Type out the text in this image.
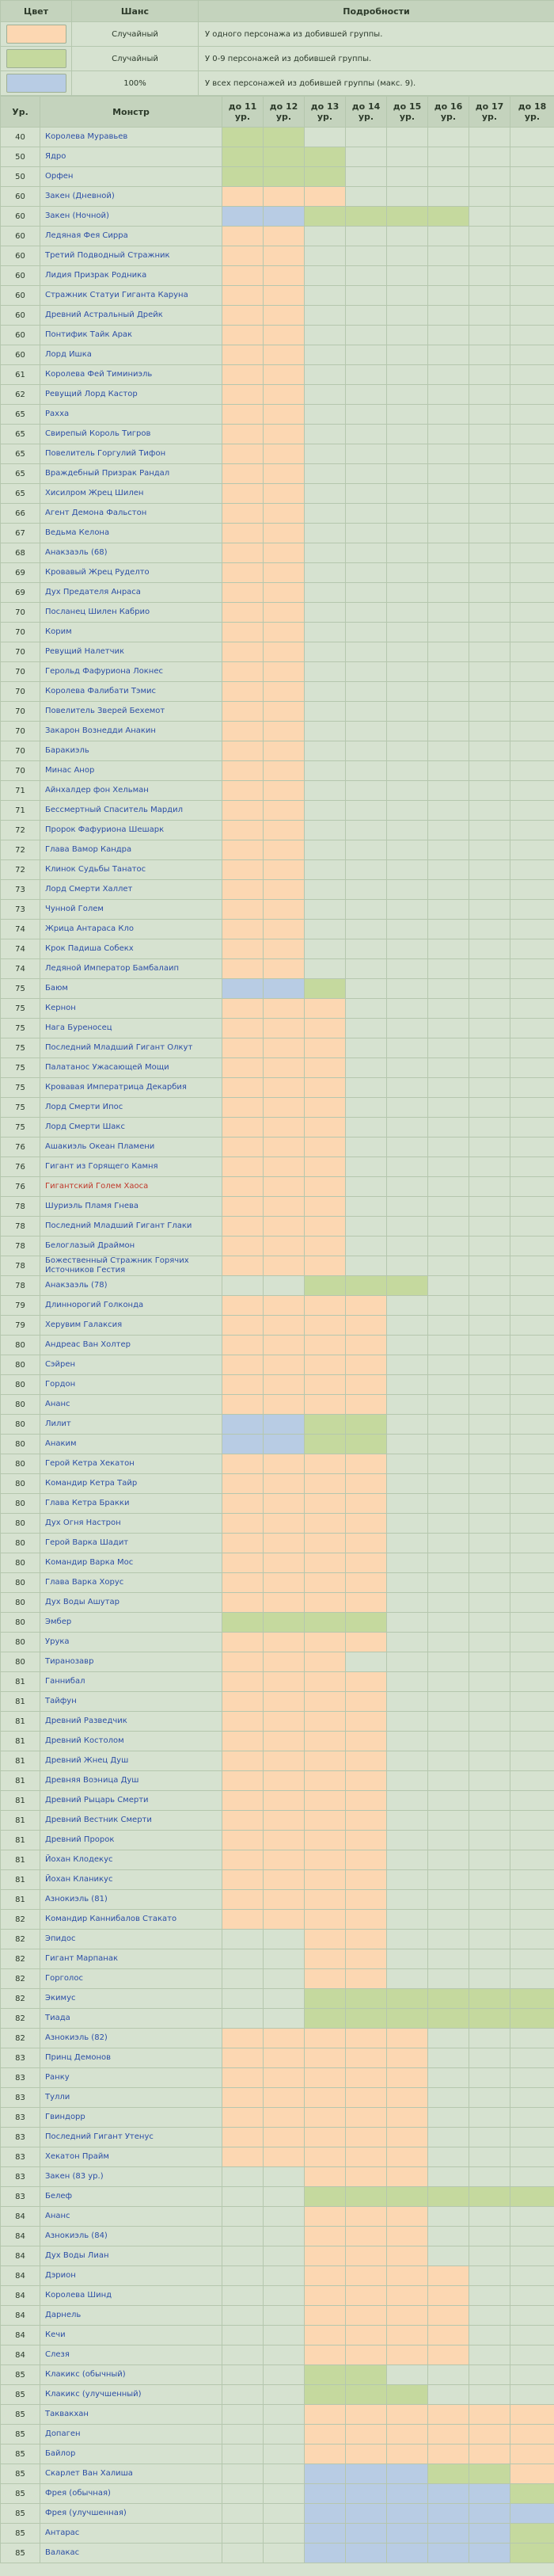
Цвет	Шанс	Подробности

	Случайный	У одного персонажа из добившей группы.

	Случайный	У 0-9 персонажей из добившей группы.

	100%	У всех персонажей из добившей группы (макс. 9).
Ур.	Монстр	до 11 ур.	до 12 ур.	до 13 ур.	до 14 ур.	до 15 ур.	до 16 ур.	до 17 ур.	до 18 ур.
40	Королева Муравьев								
50	Ядро								
50	Орфен								
60	Закен (Дневной)								
60	Закен (Ночной)								
60	Ледяная Фея Сирра								
60	Третий Подводный Стражник								
60	Лидия Призрак Родника								
60	Стражник Статуи Гиганта Каруна								
60	Древний Астральный Дрейк								
60	Понтифик Тайк Арак								
60	Лорд Ишка								
61	Королева Фей Тиминиэль								
62	Ревущий Лорд Кастор								
65	Рахха								
65	Свирепый Король Тигров								
65	Повелитель Горгулий Тифон								
65	Враждебный Призрак Рандал								
65	Хисилром Жрец Шилен								
66	Агент Демона Фальстон								
67	Ведьма Келона								
68	Анакзаэль (68)								
69	Кровавый Жрец Руделто								
69	Дух Предателя Анраса								
70	Посланец Шилен Кабрио								
70	Корим								
70	Ревущий Налетчик								
70	Герольд Фафуриона Локнес								
70	Королева Фалибати Тэмис								
70	Повелитель Зверей Бехемот								
70	Закарон Вознедди Анакин								
70	Баракиэль								
70	Минас Анор								
71	Айнхалдер фон Хельман								
71	Бессмертный Спаситель Мардил								
72	Пророк Фафуриона Шешарк								
72	Глава Вамор Кандра								
72	Клинок Судьбы Танатос								
73	Лорд Смерти Халлет								
73	Чунной Голем								
74	Жрица Антараса Кло								
74	Крок Падиша Собекх								
74	Ледяной Император Бамбалаип								
75	Баюм								
75	Кернон								
75	Нага Буреносец								
75	Последний Младший Гигант Олкут								
75	Палатанос Ужасающей Мощи								
75	Кровавая Императрица Декарбия								
75	Лорд Смерти Ипос								
75	Лорд Смерти Шакс								
76	Ашакиэль Океан Пламени								
76	Гигант из Горящего Камня								
76	Гигантский Голем Хаоса								
78	Шуриэль Пламя Гнева								
78	Последний Младший Гигант Глаки								
78	Белоглазый Драймон								
78	Божественный Стражник Горячих Источников Гестия								
78	Анакзаэль (78)								
79	Длиннорогий Голконда								
79	Херувим Галаксия								
80	Андреас Ван Холтер								
80	Сэйрен								
80	Гордон								
80	Ананс								
80	Лилит								
80	Анаким								
80	Герой Кетра Хекатон								
80	Командир Кетра Тайр								
80	Глава Кетра Бракки								
80	Дух Огня Настрон								
80	Герой Варка Шадит								
80	Командир Варка Мос								
80	Глава Варка Хорус								
80	Дух Воды Ашутар								
80	Эмбер								
80	Урука								
80	Тиранозавр								
81	Ганнибал								
81	Тайфун								
81	Древний Разведчик								
81	Древний Костолом								
81	Древний Жнец Душ								
81	Древняя Воэница Душ								
81	Древний Рыцарь Смерти								
81	Древний Вестник Смерти								
81	Древний Пророк								
81	Йохан Клодекус								
81	Йохан Кланикус								
81	Азнокиэль (81)								
82	Командир Каннибалов Стакато								
82	Эпидос								
82	Гигант Марпанак								
82	Горголос								
82	Экимус								
82	Тиада								
82	Азнокиэль (82)								
83	Принц Демонов								
83	Ранку								
83	Тулли								
83	Гвиндорр								
83	Последний Гигант Утенус								
83	Хекатон Прайм								
83	Закен (83 ур.)								
83	Белеф								
84	Ананс								
84	Азнокиэль (84)								
84	Дух Воды Лиан								
84	Дэрион								
84	Королева Шинд								
84	Дарнель								
84	Кечи								
84	Слезя								
85	Клакикс (обычный)								
85	Клакикс (улучшенный)								
85	Таквакхан								
85	Допаген								
85	Байлор								
85	Скарлет Ван Халиша								
85	Фрея (обычная)								
85	Фрея (улучшенная)								
85	Антарас								
85	Валакас								
